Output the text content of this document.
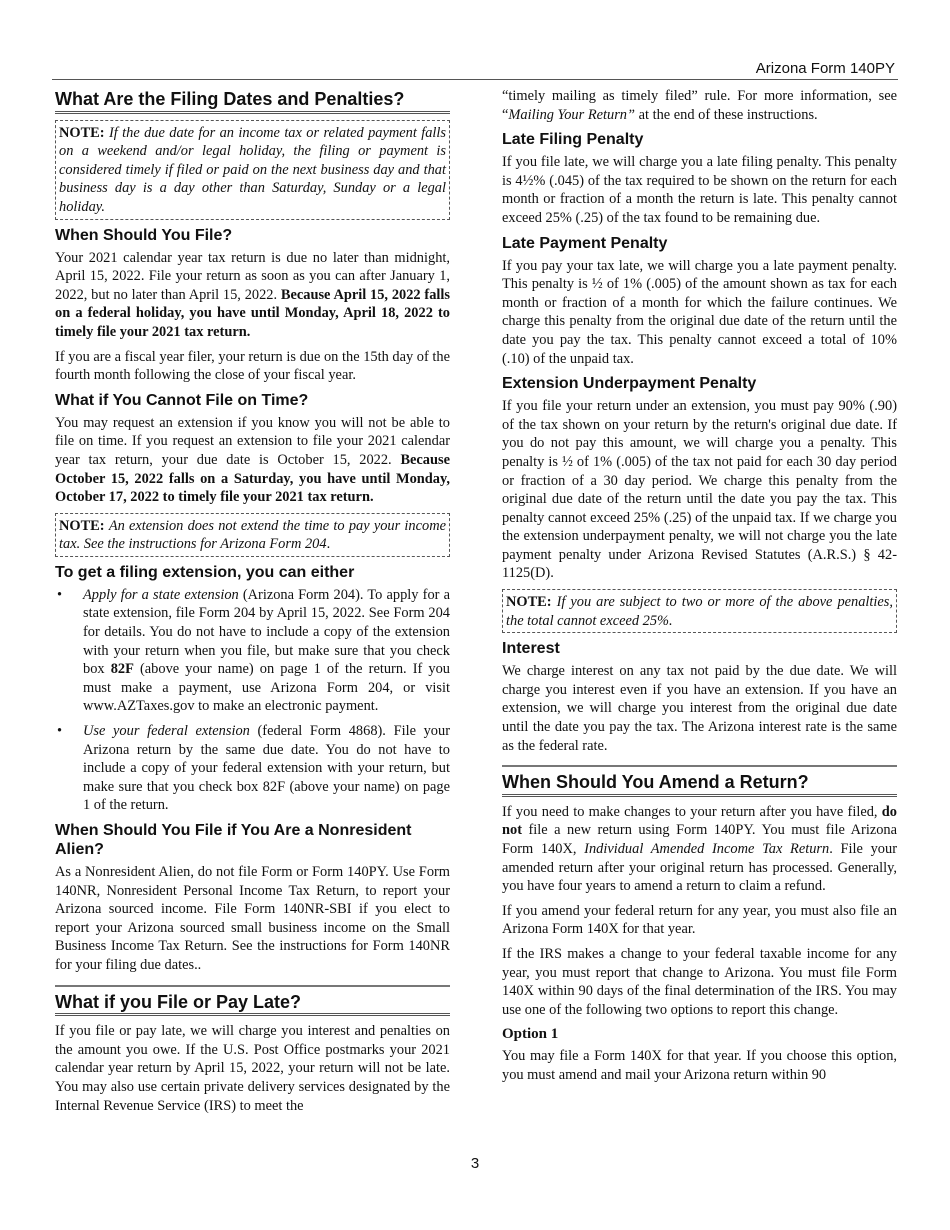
Arizona Form 140PY
What Are the Filing Dates and Penalties?
NOTE: If the due date for an income tax or related payment falls on a weekend and/or legal holiday, the filing or payment is considered timely if filed or paid on the next business day and that business day is a day other than Saturday, Sunday or a legal holiday.
When Should You File?

Your 2021 calendar year tax return is due no later than midnight, April 15, 2022. File your return as soon as you can after January 1, 2022, but no later than April 15, 2022. Because April 15, 2022 falls on a federal holiday, you have until Monday, April 18, 2022 to timely file your 2021 tax return.

If you are a fiscal year filer, your return is due on the 15th day of the fourth month following the close of your fiscal year.

What if You Cannot File on Time?

You may request an extension if you know you will not be able to file on time. If you request an extension to file your 2021 calendar year tax return, your due date is October 15, 2022. Because October 15, 2022 falls on a Saturday, you have until Monday, October 17, 2022 to timely file your 2021 tax return.

NOTE: An extension does not extend the time to pay your income tax. See the instructions for Arizona Form 204.
To get a filing extension, you can either
• Apply for a state extension (Arizona Form 204). To apply for a state extension, file Form 204 by April 15, 2022. See Form 204 for details. You do not have to include a copy of the extension with your return when you file, but make sure that you check box 82F (above your name) on page 1 of the return. If you must make a payment, use Arizona Form 204, or visit www.AZTaxes.gov to make an electronic payment.
• Use your federal extension (federal Form 4868). File your Arizona return by the same due date. You do not have to include a copy of your federal extension with your return, but make sure that you check box 82F (above your name) on page 1 of the return.
When Should You File if You Are a Nonresident Alien?

As a Nonresident Alien, do not file Form or Form 140PY. Use Form 140NR, Nonresident Personal Income Tax Return, to report your Arizona sourced income. File Form 140NR-SBI if you elect to report your Arizona sourced small business income on the Small Business Income Tax Return. See the instructions for Form 140NR for your filing due dates..

What if you File or Pay Late?

If you file or pay late, we will charge you interest and penalties on the amount you owe. If the U.S. Post Office postmarks your 2021 calendar year return by April 15, 2022, your return will not be late. You may also use certain private delivery services designated by the Internal Revenue Service (IRS) to meet the

“timely mailing as timely filed” rule. For more information, see “Mailing Your Return” at the end of these instructions.

Late Filing Penalty

If you file late, we will charge you a late filing penalty. This penalty is 4½% (.045) of the tax required to be shown on the return for each month or fraction of a month the return is late. This penalty cannot exceed 25% (.25) of the tax found to be remaining due.

Late Payment Penalty

If you pay your tax late, we will charge you a late payment penalty. This penalty is ½ of 1% (.005) of the amount shown as tax for each month or fraction of a month for which the failure continues. We charge this penalty from the original due date of the return until the date you pay the tax. This penalty cannot exceed a total of 10% (.10) of the unpaid tax.

Extension Underpayment Penalty

If you file your return under an extension, you must pay 90% (.90) of the tax shown on your return by the return's original due date. If you do not pay this amount, we will charge you a penalty. This penalty is ½ of 1% (.005) of the tax not paid for each 30 day period or fraction of a 30 day period. We charge this penalty from the original due date of the return until the date you pay the tax. This penalty cannot exceed 25% (.25) of the unpaid tax. If we charge you the extension underpayment penalty, we will not charge you the late payment penalty under Arizona Revised Statutes (A.R.S.) § 42-1125(D).

NOTE: If you are subject to two or more of the above penalties, the total cannot exceed 25%.
Interest

We charge interest on any tax not paid by the due date. We will charge you interest even if you have an extension. If you have an extension, we will charge you interest from the original due date until the date you pay the tax. The Arizona interest rate is the same as the federal rate.

When Should You Amend a Return?

If you need to make changes to your return after you have filed, do not file a new return using Form 140PY. You must file Arizona Form 140X, Individual Amended Income Tax Return. File your amended return after your original return has processed. Generally, you have four years to amend a return to claim a refund.

If you amend your federal return for any year, you must also file an Arizona Form 140X for that year.

If the IRS makes a change to your federal taxable income for any year, you must report that change to Arizona. You must file Form 140X within 90 days of the final determination of the IRS. You may use one of the following two options to report this change.

Option 1

You may file a Form 140X for that year. If you choose this option, you must amend and mail your Arizona return within 90

3
